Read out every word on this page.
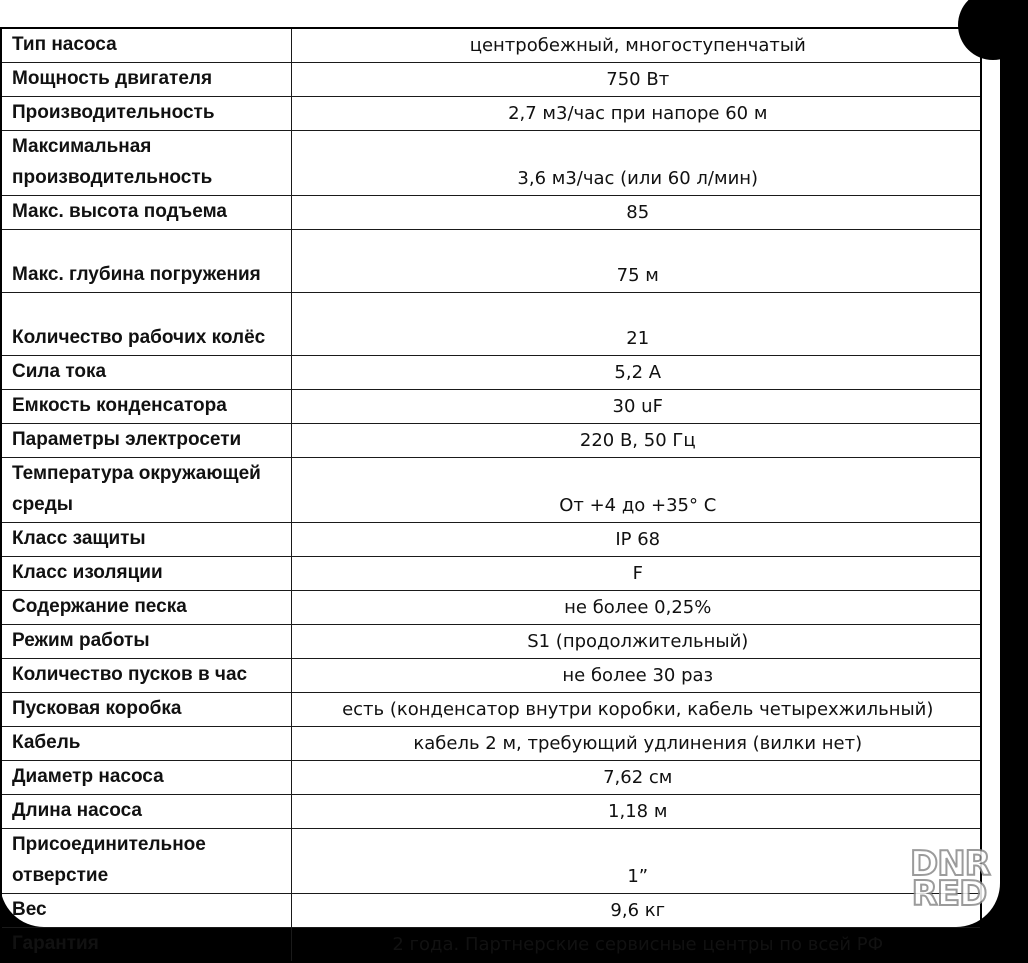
Тип насоса	центробежный, многоступенчатый
Мощность двигателя	750 Вт
Производительность	2,7 м3/час при напоре 60 м
Максимальная производительность	3,6 м3/час (или 60 л/мин)
Макс. высота подъема	85
Макс. глубина погружения	75 м
Количество рабочих колёс	21
Сила тока	5,2 А
Емкость конденсатора	30 uF
Параметры электросети	220 В, 50 Гц
Температура окружающей среды	От +4 до +35° С
Класс защиты	IP 68
Класс изоляции	F
Содержание песка	не более 0,25%
Режим работы	S1 (продолжительный)
Количество пусков в час	не более 30 раз
Пусковая коробка	есть (конденсатор внутри коробки, кабель четырехжильный)
Кабель	кабель 2 м, требующий удлинения (вилки нет)
Диаметр насоса	7,62 см
Длина насоса	1,18 м
Присоединительное отверстие	1”
Вес	9,6 кг
Гарантия	2 года. Партнерские сервисные центры по всей РФ
DNR
RED
